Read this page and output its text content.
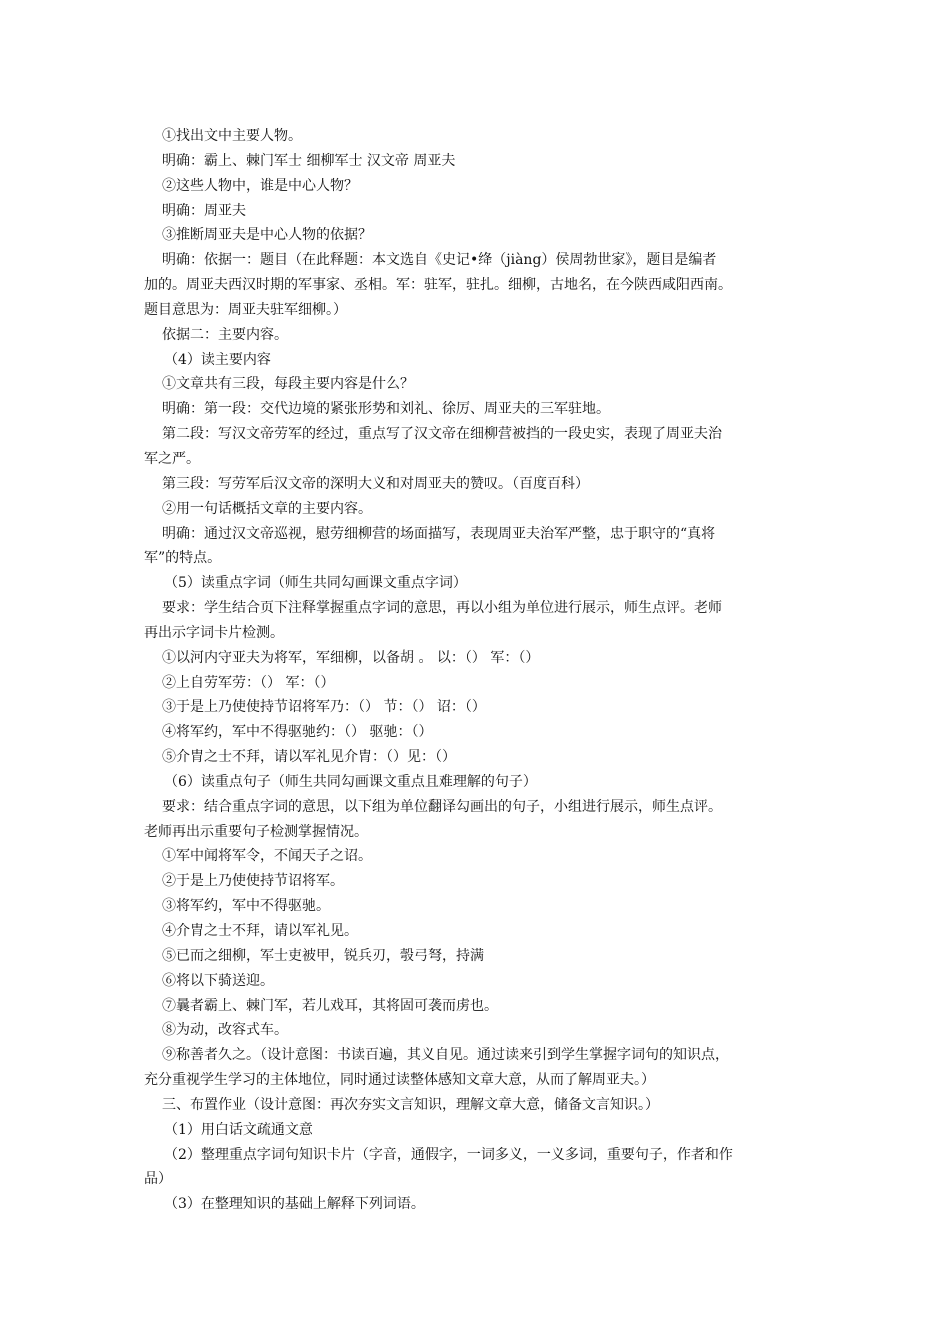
①找出文中主要人物。
明确：霸上、棘门军士 细柳军士 汉文帝 周亚夫
②这些人物中，谁是中心人物？
明确：周亚夫
③推断周亚夫是中心人物的依据？
明确：依据一：题目（在此释题：本文选自《史记•绛（jiàng）侯周勃世家》，题目是编者
加的。周亚夫西汉时期的军事家、丞相。军：驻军，驻扎。细柳，古地名，在今陕西咸阳西南。
题目意思为：周亚夫驻军细柳。）
依据二：主要内容。
（4）读主要内容
①文章共有三段，每段主要内容是什么？
明确：第一段：交代边境的紧张形势和刘礼、徐厉、周亚夫的三军驻地。
第二段：写汉文帝劳军的经过，重点写了汉文帝在细柳营被挡的一段史实，表现了周亚夫治
军之严。
第三段：写劳军后汉文帝的深明大义和对周亚夫的赞叹。（百度百科）
②用一句话概括文章的主要内容。
明确：通过汉文帝巡视，慰劳细柳营的场面描写，表现周亚夫治军严整，忠于职守的“真将
军”的特点。
（5）读重点字词（师生共同勾画课文重点字词）
要求：学生结合页下注释掌握重点字词的意思，再以小组为单位进行展示，师生点评。老师
再出示字词卡片检测。
①以河内守亚夫为将军，军细柳，以备胡 。 以：（） 军：（）
②上自劳军劳：（） 军：（）
③于是上乃使使持节诏将军乃：（） 节：（） 诏：（）
④将军约，军中不得驱驰约：（） 驱驰：（）
⑤介胄之士不拜，请以军礼见介胄：（）见：（）
（6）读重点句子（师生共同勾画课文重点且难理解的句子）
要求：结合重点字词的意思，以下组为单位翻译勾画出的句子，小组进行展示，师生点评。
老师再出示重要句子检测掌握情况。
①军中闻将军令，不闻天子之诏。
②于是上乃使使持节诏将军。
③将军约，军中不得驱驰。
④介胄之士不拜，请以军礼见。
⑤已而之细柳，军士吏被甲，锐兵刃，彀弓弩，持满
⑥将以下骑送迎。
⑦曩者霸上、棘门军，若儿戏耳，其将固可袭而虏也。
⑧为动，改容式车。
⑨称善者久之。（设计意图：书读百遍，其义自见。通过读来引到学生掌握字词句的知识点，
充分重视学生学习的主体地位，同时通过读整体感知文章大意，从而了解周亚夫。）
三、布置作业（设计意图：再次夯实文言知识，理解文章大意，储备文言知识。）
（1）用白话文疏通文意
（2）整理重点字词句知识卡片（字音，通假字，一词多义，一义多词，重要句子，作者和作
品）
（3）在整理知识的基础上解释下列词语。
